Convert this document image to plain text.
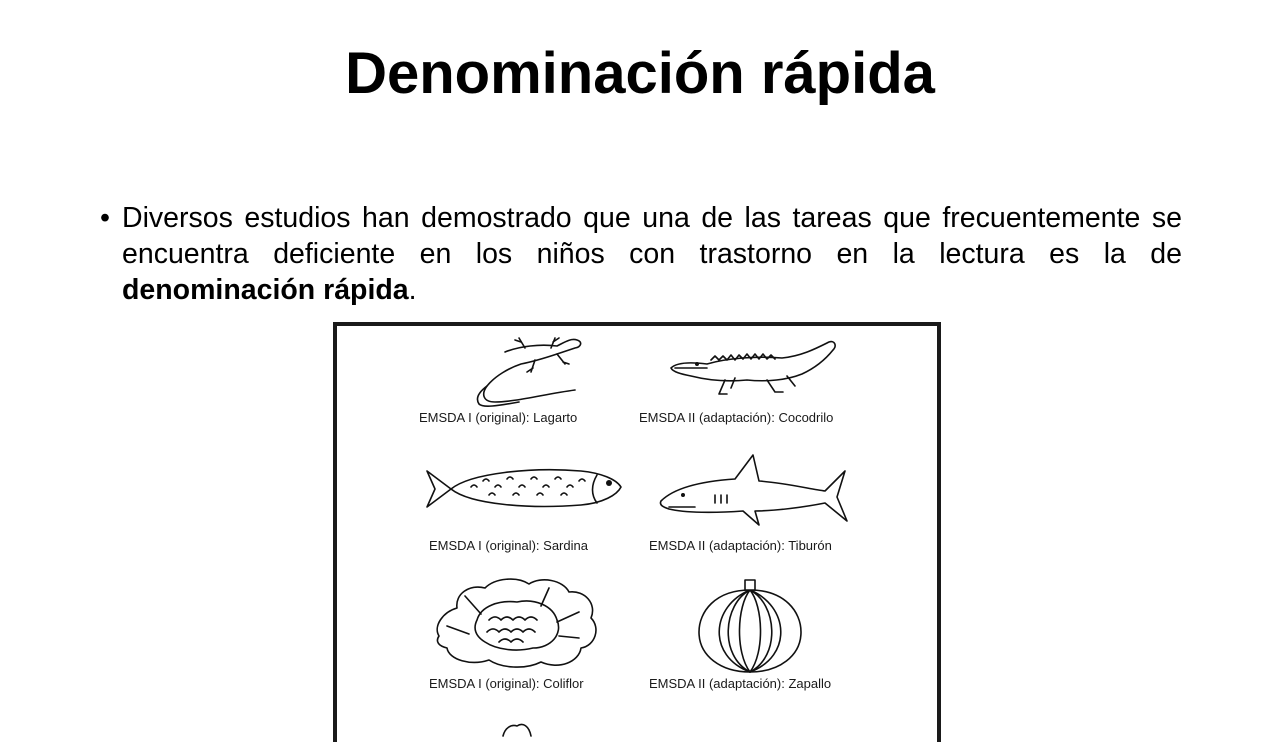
Denominación rápida
• Diversos estudios han demostrado que una de las tareas que frecuentemente se encuentra deficiente en los niños con trastorno en la lectura es la de denominación rápida.
EMSDA I (original): Lagarto	EMSDA II (adaptación): Cocodrilo
EMSDA I (original): Sardina	EMSDA II (adaptación): Tiburón
EMSDA I (original): Coliflor	EMSDA II (adaptación): Zapallo
